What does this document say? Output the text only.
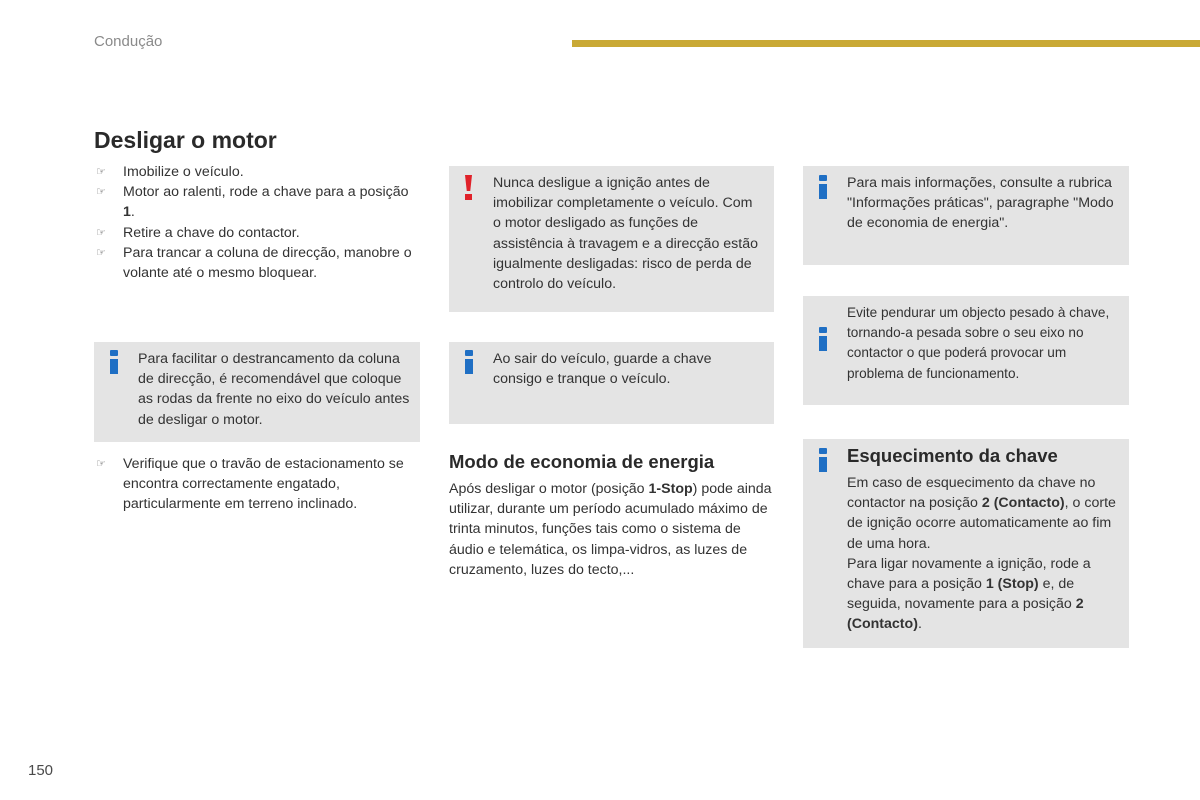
Condução
Desligar o motor
☞ Imobilize o veículo.
☞ Motor ao ralenti, rode a chave para a posição 1.
☞ Retire a chave do contactor.
☞ Para trancar a coluna de direcção, manobre o volante até o mesmo bloquear.
Para facilitar o destrancamento da coluna de direcção, é recomendável que coloque as rodas da frente no eixo do veículo antes de desligar o motor.
☞ Verifique que o travão de estacionamento se encontra correctamente engatado, particularmente em terreno inclinado.
Nunca desligue a ignição antes de imobilizar completamente o veículo. Com o motor desligado as funções de assistência à travagem e a direcção estão igualmente desligadas: risco de perda de controlo do veículo.
Ao sair do veículo, guarde a chave consigo e tranque o veículo.
Modo de economia de energia
Após desligar o motor (posição 1-Stop) pode ainda utilizar, durante um período acumulado máximo de trinta minutos, funções tais como o sistema de áudio e telemática, os limpa-vidros, as luzes de cruzamento, luzes do tecto,...
Para mais informações, consulte a rubrica "Informações práticas", paragraphe "Modo de economia de energia".
Evite pendurar um objecto pesado à chave, tornando-a pesada sobre o seu eixo no contactor o que poderá provocar um problema de funcionamento.
Esquecimento da chave
Em caso de esquecimento da chave no contactor na posição 2 (Contacto), o corte de ignição ocorre automaticamente ao fim de uma hora.
Para ligar novamente a ignição, rode a chave para a posição 1 (Stop) e, de seguida, novamente para a posição 2 (Contacto).
150
